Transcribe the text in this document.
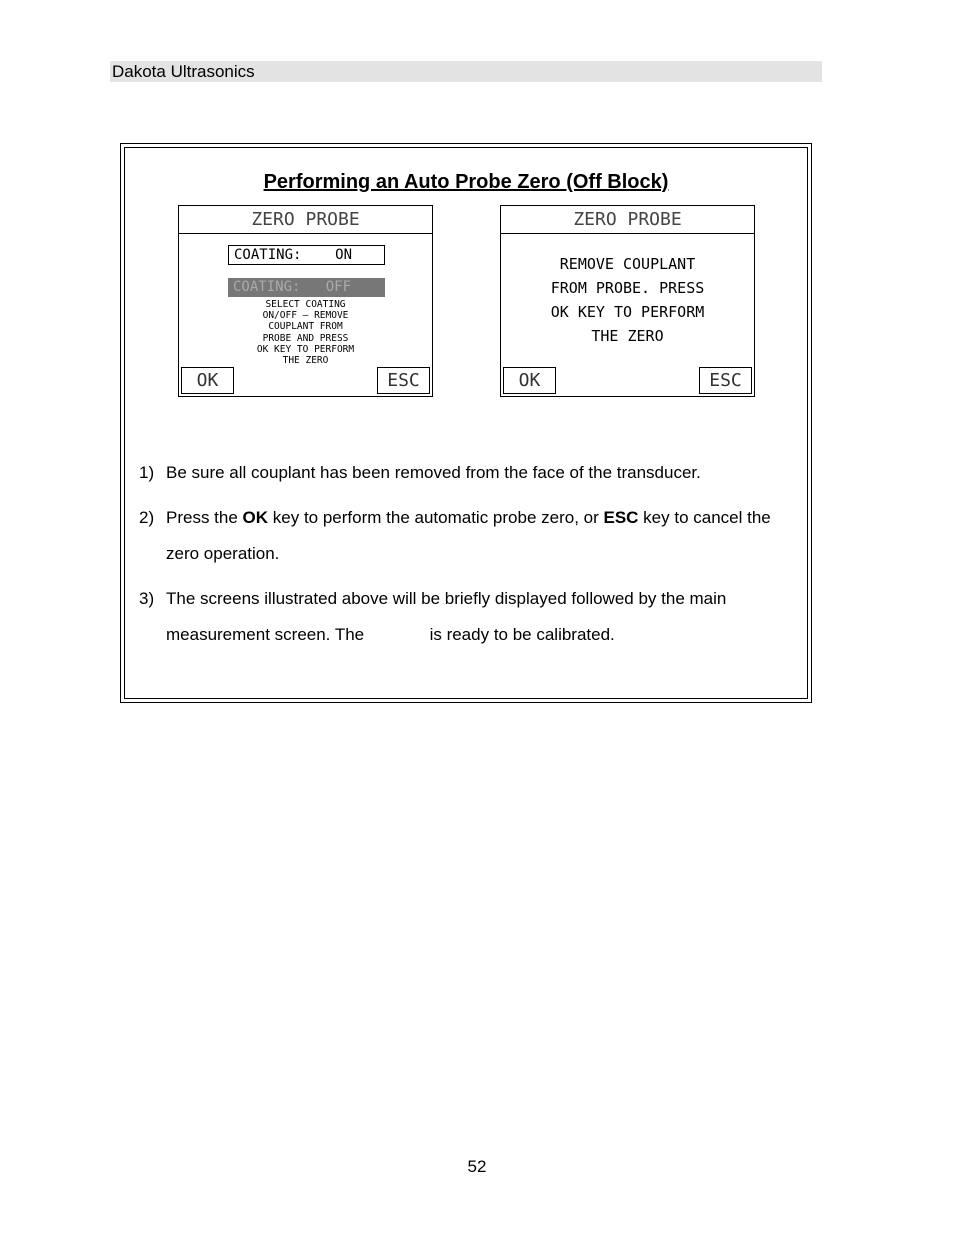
Dakota Ultrasonics
Performing an Auto Probe Zero (Off Block)
ZERO PROBE
COATING:    ON
COATING:   OFF
SELECT COATING
ON/OFF – REMOVE
COUPLANT FROM
PROBE AND PRESS
OK KEY TO PERFORM
THE ZERO
OK	ESC
ZERO PROBE
REMOVE COUPLANT
FROM PROBE. PRESS
OK KEY TO PERFORM
THE ZERO
OK	ESC
1) Be sure all couplant has been removed from the face of the transducer.
2) Press the OK key to perform the automatic probe zero, or ESC key to cancel the zero operation.
3) The screens illustrated above will be briefly displayed followed by the main measurement screen. The	is ready to be calibrated.
52
